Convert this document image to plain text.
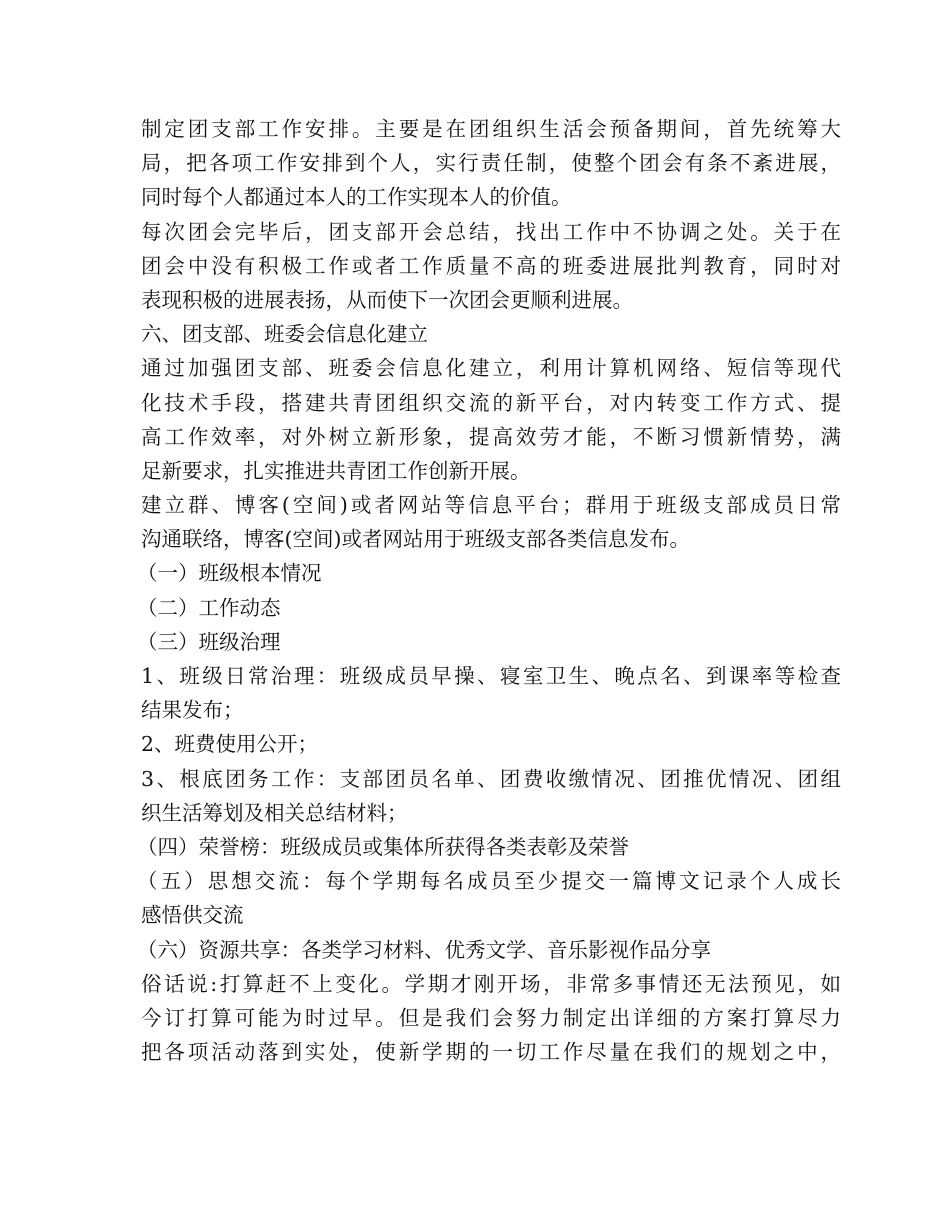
制定团支部工作安排。主要是在团组织生活会预备期间，首先统筹大
局，把各项工作安排到个人，实行责任制，使整个团会有条不紊进展，
同时每个人都通过本人的工作实现本人的价值。
每次团会完毕后，团支部开会总结，找出工作中不协调之处。关于在
团会中没有积极工作或者工作质量不高的班委进展批判教育，同时对
表现积极的进展表扬，从而使下一次团会更顺利进展。
六、团支部、班委会信息化建立
通过加强团支部、班委会信息化建立，利用计算机网络、短信等现代
化技术手段，搭建共青团组织交流的新平台，对内转变工作方式、提
高工作效率，对外树立新形象，提高效劳才能，不断习惯新情势，满
足新要求，扎实推进共青团工作创新开展。
建立群、博客(空间)或者网站等信息平台；群用于班级支部成员日常
沟通联络，博客(空间)或者网站用于班级支部各类信息发布。
（一）班级根本情况
（二）工作动态
（三）班级治理
1、班级日常治理：班级成员早操、寝室卫生、晚点名、到课率等检查
结果发布；
2、班费使用公开；
3、根底团务工作：支部团员名单、团费收缴情况、团推优情况、团组
织生活筹划及相关总结材料；
（四）荣誉榜：班级成员或集体所获得各类表彰及荣誉
（五）思想交流：每个学期每名成员至少提交一篇博文记录个人成长
感悟供交流
（六）资源共享：各类学习材料、优秀文学、音乐影视作品分享
俗话说:打算赶不上变化。学期才刚开场，非常多事情还无法预见，如
今订打算可能为时过早。但是我们会努力制定出详细的方案打算尽力
把各项活动落到实处，使新学期的一切工作尽量在我们的规划之中，
